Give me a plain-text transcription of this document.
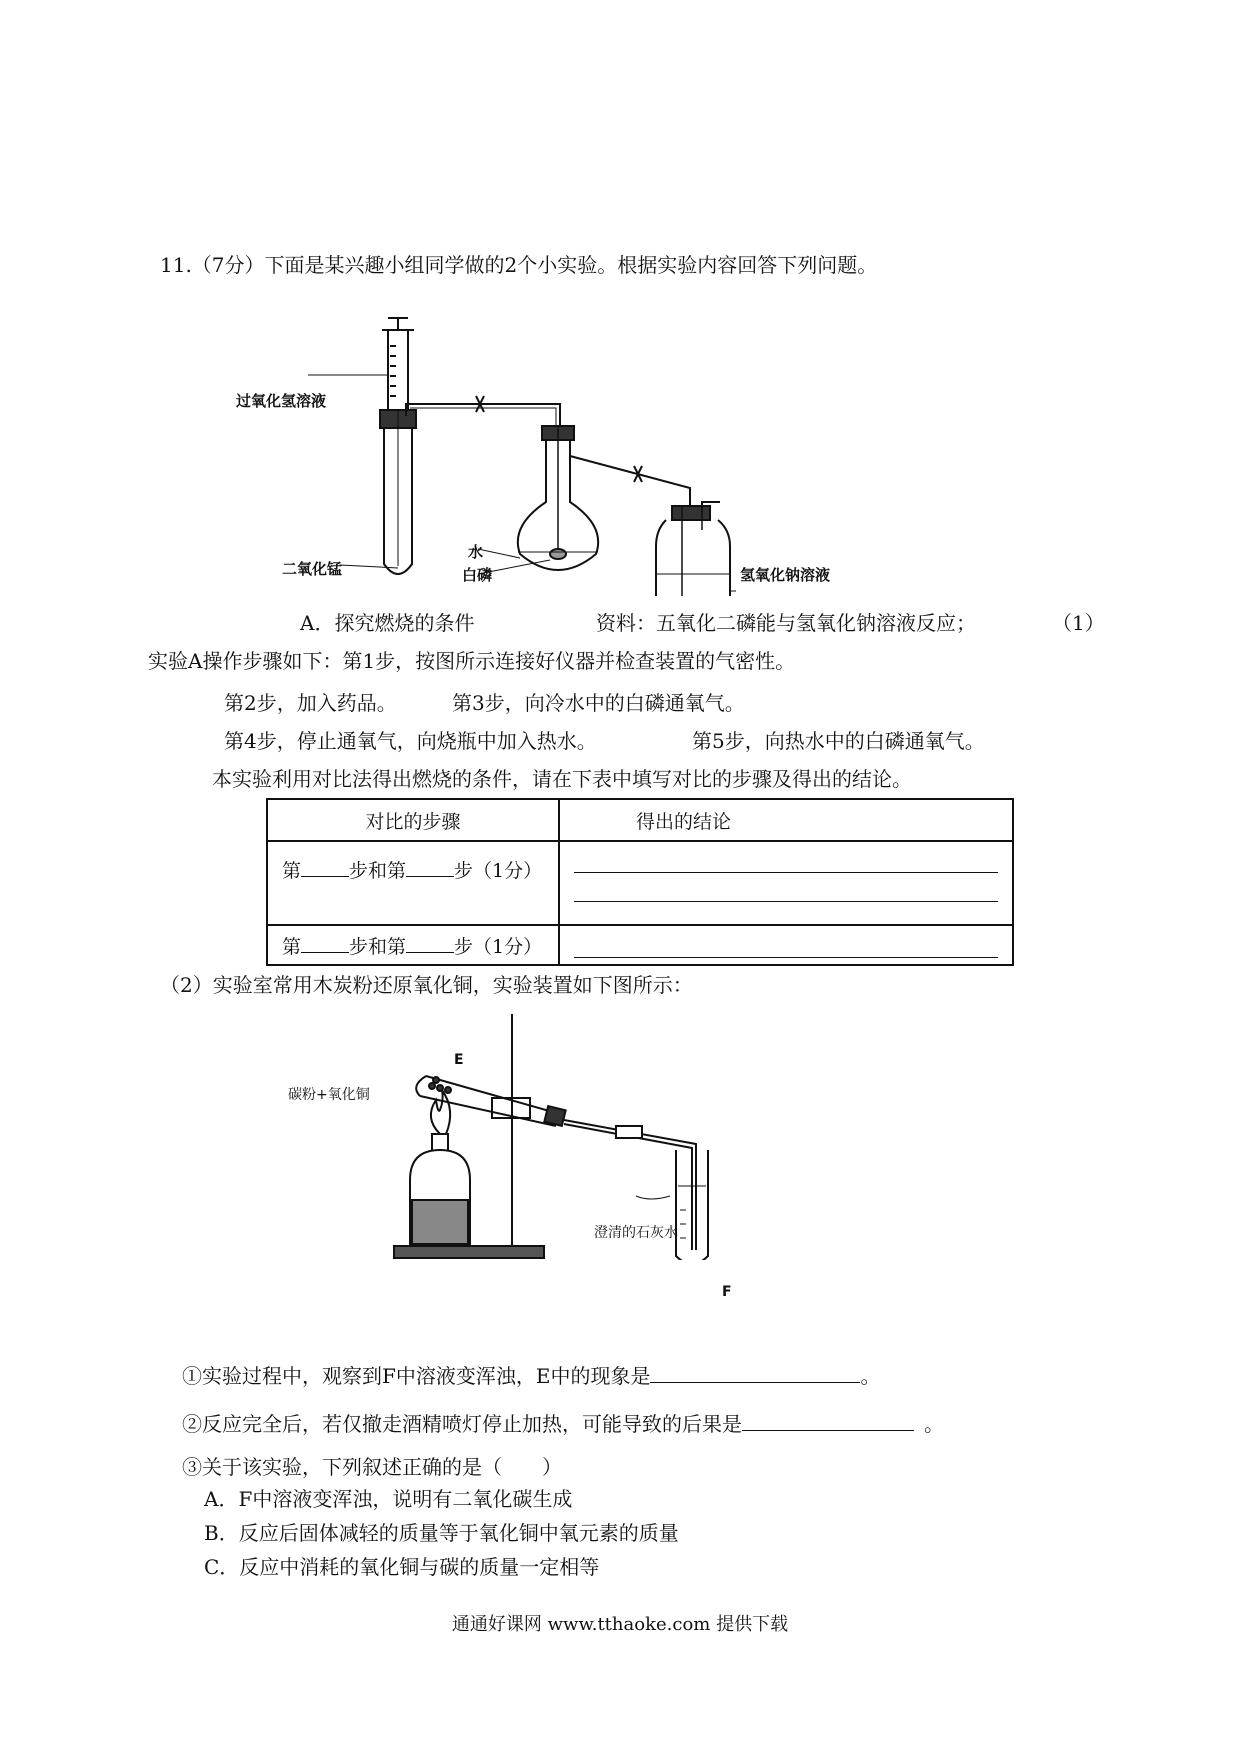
11.（7分）下面是某兴趣小组同学做的2个小实验。根据实验内容回答下列问题。
过氧化氢溶液
二氧化锰
水
白磷	氢氧化钠溶液
A．探究燃烧的条件	资料：五氧化二磷能与氢氧化钠溶液反应；	（1）
实验A操作步骤如下：第1步，按图所示连接好仪器并检查装置的气密性。
第2步，加入药品。	第3步，向冷水中的白磷通氧气。
第4步，停止通氧气，向烧瓶中加入热水。	第5步，向热水中的白磷通氧气。
本实验利用对比法得出燃烧的条件，请在下表中填写对比的步骤及得出的结论。
对比的步骤	得出的结论
第 步和第 步（1分）	

第 步和第 步（1分）	
（2）实验室常用木炭粉还原氧化铜，实验装置如下图所示：
E
碳粉+氧化铜
澄清的石灰水
F
①实验过程中，观察到F中溶液变浑浊，E中的现象是	。
②反应完全后，若仅撤走酒精喷灯停止加热，可能导致的后果是	。
③关于该实验，下列叙述正确的是（　　）
A．F中溶液变浑浊，说明有二氧化碳生成
B．反应后固体减轻的质量等于氧化铜中氧元素的质量
C．反应中消耗的氧化铜与碳的质量一定相等
通通好课网 www.tthaoke.com 提供下载
